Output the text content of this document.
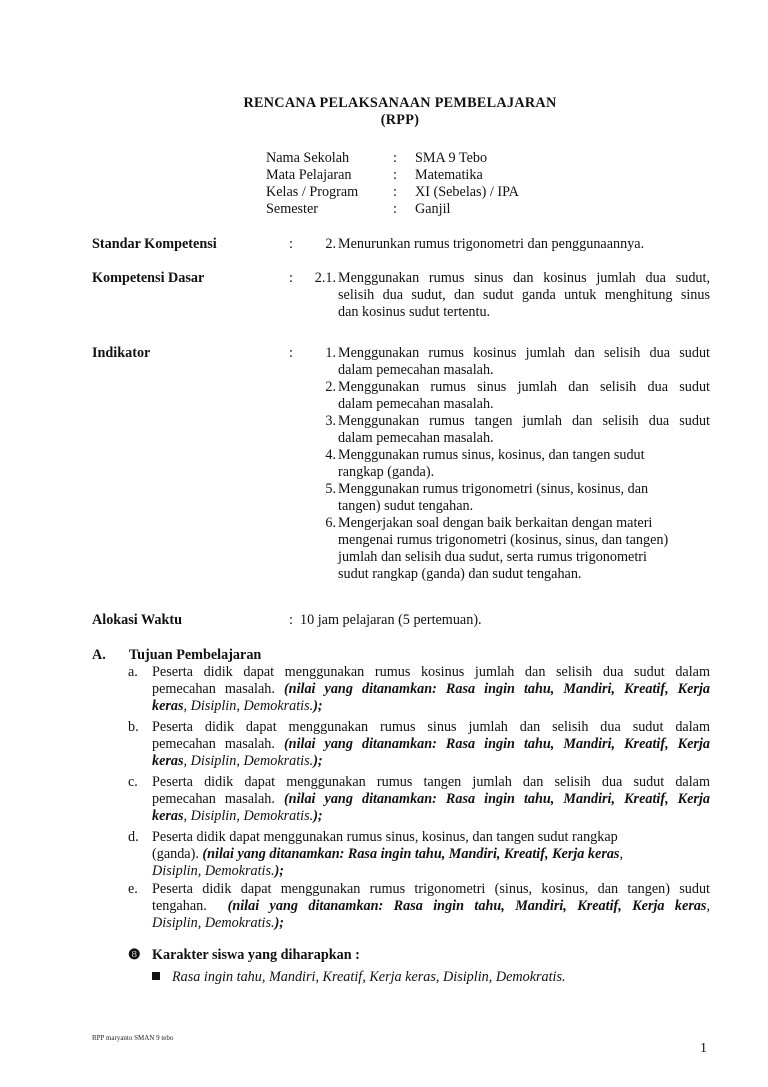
RENCANA PELAKSANAAN PEMBELAJARAN
(RPP)
Nama Sekolah	: SMA 9 Tebo
Mata Pelajaran	: Matematika
Kelas / Program : XI (Sebelas) / IPA
Semester	: Ganjil
Standar Kompetensi	:	2. Menurunkan rumus trigonometri dan penggunaannya.
Kompetensi Dasar	:	2.1. Menggunakan rumus sinus dan kosinus jumlah dua sudut,
selisih dua sudut, dan sudut ganda untuk menghitung sinus
dan kosinus sudut tertentu.
Indikator	:	1. Menggunakan rumus kosinus jumlah dan selisih dua sudut
dalam pemecahan masalah.
2. Menggunakan rumus sinus jumlah dan selisih dua sudut
dalam pemecahan masalah.
3. Menggunakan rumus tangen jumlah dan selisih dua sudut
dalam pemecahan masalah.
4. Menggunakan rumus sinus, kosinus, dan tangen sudut
rangkap (ganda).
5. Menggunakan rumus trigonometri (sinus, kosinus, dan
tangen) sudut tengahan.
6. Mengerjakan soal dengan baik berkaitan dengan materi
mengenai rumus trigonometri (kosinus, sinus, dan tangen)
jumlah dan selisih dua sudut, serta rumus trigonometri
sudut rangkap (ganda) dan sudut tengahan.
Alokasi Waktu	: 10 jam pelajaran (5 pertemuan).
A. Tujuan Pembelajaran
a. Peserta didik dapat menggunakan rumus kosinus jumlah dan selisih dua sudut dalam
pemecahan masalah. (nilai yang ditanamkan: Rasa ingin tahu, Mandiri, Kreatif, Kerja
keras, Disiplin, Demokratis.);
b. Peserta didik dapat menggunakan rumus sinus jumlah dan selisih dua sudut dalam
pemecahan masalah. (nilai yang ditanamkan: Rasa ingin tahu, Mandiri, Kreatif, Kerja
keras, Disiplin, Demokratis.);
c. Peserta didik dapat menggunakan rumus tangen jumlah dan selisih dua sudut dalam
pemecahan masalah. (nilai yang ditanamkan: Rasa ingin tahu, Mandiri, Kreatif, Kerja
keras, Disiplin, Demokratis.);
d. Peserta didik dapat menggunakan rumus sinus, kosinus, dan tangen sudut rangkap
(ganda). (nilai yang ditanamkan: Rasa ingin tahu, Mandiri, Kreatif, Kerja keras,
Disiplin, Demokratis.);
e. Peserta didik dapat menggunakan rumus trigonometri (sinus, kosinus, dan tangen) sudut
tengahan. (nilai yang ditanamkan: Rasa ingin tahu, Mandiri, Kreatif, Kerja keras,
Disiplin, Demokratis.);
❽ Karakter siswa yang diharapkan :
Rasa ingin tahu, Mandiri, Kreatif, Kerja keras, Disiplin, Demokratis.
RPP maryanto SMAN 9 tebo
1
